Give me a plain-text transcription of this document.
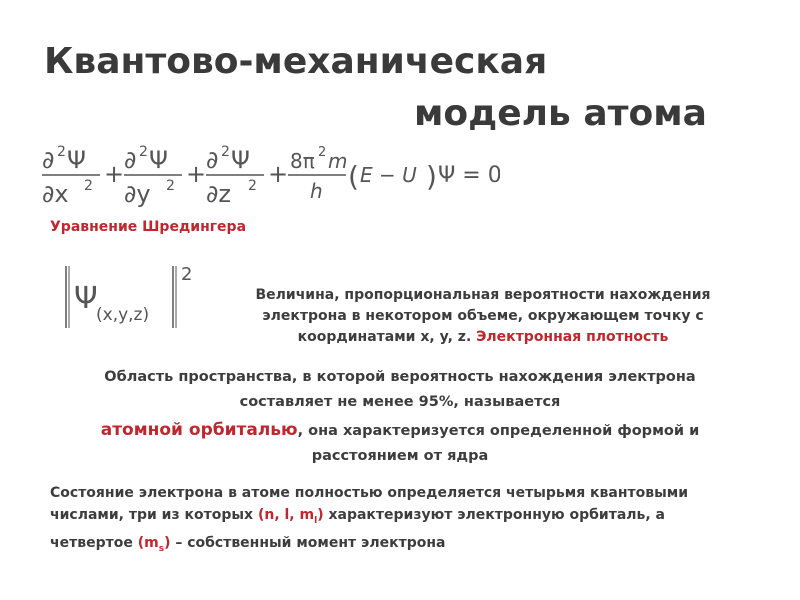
Квантово-механическая
модель атома
∂ 2 Ψ
∂x 2 + ∂ 2 Ψ
∂y 2 + ∂ 2 Ψ
∂z 2 + 8π 2 m
h ( E − U ) Ψ = 0
Уравнение Шредингера
Ψ
(x,y,z)
2
Величина, пропорциональная вероятности нахождения
электрона в некотором объеме, окружающем точку с
координатами x, y, z. Электронная плотность
Область пространства, в которой вероятность нахождения электрона
составляет не менее 95%, называется
атомной орбиталью, она характеризуется определенной формой и
расстоянием от ядра
Состояние электрона в атоме полностью определяется четырьмя квантовыми
числами, три из которых (n, l, $m_l$) характеризуют электронную орбиталь, а
четвертое $(m_s)$ – собственный момент электрона
